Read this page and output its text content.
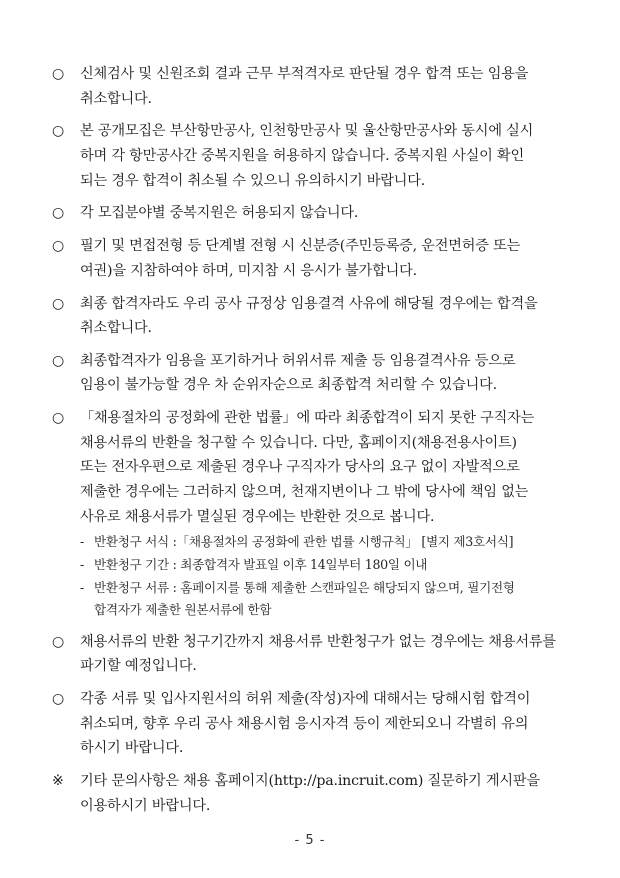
○	신체검사 및 신원조회 결과 근무 부적격자로 판단될 경우 합격 또는 임용을
취소합니다.
○	본 공개모집은 부산항만공사, 인천항만공사 및 울산항만공사와 동시에 실시
하며 각 항만공사간 중복지원을 허용하지 않습니다. 중복지원 사실이 확인
되는 경우 합격이 취소될 수 있으니 유의하시기 바랍니다.
○	각 모집분야별 중복지원은 허용되지 않습니다.
○	필기 및 면접전형 등 단계별 전형 시 신분증(주민등록증, 운전면허증 또는
여권)을 지참하여야 하며, 미지참 시 응시가 불가합니다.
○	최종 합격자라도 우리 공사 규정상 임용결격 사유에 해당될 경우에는 합격을
취소합니다.
○	최종합격자가 임용을 포기하거나 허위서류 제출 등 임용결격사유 등으로
임용이 불가능할 경우 차 순위자순으로 최종합격 처리할 수 있습니다.
○	「채용절차의 공정화에 관한 법률」에 따라 최종합격이 되지 못한 구직자는
채용서류의 반환을 청구할 수 있습니다. 다만, 홈페이지(채용전용사이트)
또는 전자우편으로 제출된 경우나 구직자가 당사의 요구 없이 자발적으로
제출한 경우에는 그러하지 않으며, 천재지변이나 그 밖에 당사에 책임 없는
사유로 채용서류가 멸실된 경우에는 반환한 것으로 봅니다.
- 반환청구 서식 :「채용절차의 공정화에 관한 법률 시행규칙」 [별지 제3호서식]
- 반환청구 기간 : 최종합격자 발표일 이후 14일부터 180일 이내
- 반환청구 서류 : 홈페이지를 통해 제출한 스캔파일은 해당되지 않으며, 필기전형
합격자가 제출한 원본서류에 한함
○	채용서류의 반환 청구기간까지 채용서류 반환청구가 없는 경우에는 채용서류를
파기할 예정입니다.
○	각종 서류 및 입사지원서의 허위 제출(작성)자에 대해서는 당해시험 합격이
취소되며, 향후 우리 공사 채용시험 응시자격 등이 제한되오니 각별히 유의
하시기 바랍니다.
※	기타 문의사항은 채용 홈페이지(http://pa.incruit.com) 질문하기 게시판을
이용하시기 바랍니다.
- 5 -
